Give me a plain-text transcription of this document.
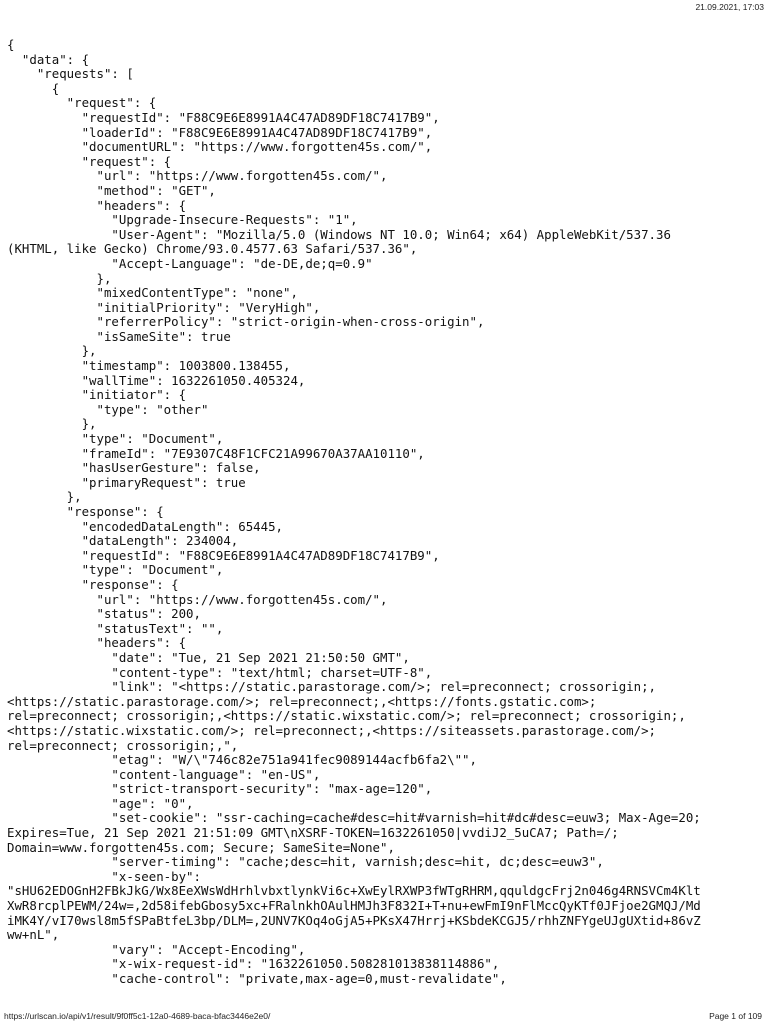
21.09.2021, 17:03
{
"data": {
"requests": [
{
"request": {
"requestId": "F88C9E6E8991A4C47AD89DF18C7417B9",
"loaderId": "F88C9E6E8991A4C47AD89DF18C7417B9",
"documentURL": "https://www.forgotten45s.com/",
"request": {
"url": "https://www.forgotten45s.com/",
"method": "GET",
"headers": {
"Upgrade-Insecure-Requests": "1",
"User-Agent": "Mozilla/5.0 (Windows NT 10.0; Win64; x64) AppleWebKit/537.36
(KHTML, like Gecko) Chrome/93.0.4577.63 Safari/537.36",
"Accept-Language": "de-DE,de;q=0.9"
},
"mixedContentType": "none",
"initialPriority": "VeryHigh",
"referrerPolicy": "strict-origin-when-cross-origin",
"isSameSite": true
},
"timestamp": 1003800.138455,
"wallTime": 1632261050.405324,
"initiator": {
"type": "other"
},
"type": "Document",
"frameId": "7E9307C48F1CFC21A99670A37AA10110",
"hasUserGesture": false,
"primaryRequest": true
},
"response": {
"encodedDataLength": 65445,
"dataLength": 234004,
"requestId": "F88C9E6E8991A4C47AD89DF18C7417B9",
"type": "Document",
"response": {
"url": "https://www.forgotten45s.com/",
"status": 200,
"statusText": "",
"headers": {
"date": "Tue, 21 Sep 2021 21:50:50 GMT",
"content-type": "text/html; charset=UTF-8",
"link": "<https://static.parastorage.com/>; rel=preconnect; crossorigin;,
<https://static.parastorage.com/>; rel=preconnect;,<https://fonts.gstatic.com>;
rel=preconnect; crossorigin;,<https://static.wixstatic.com/>; rel=preconnect; crossorigin;,
<https://static.wixstatic.com/>; rel=preconnect;,<https://siteassets.parastorage.com/>;
rel=preconnect; crossorigin;,",
"etag": "W/\"746c82e751a941fec9089144acfb6fa2\"",
"content-language": "en-US",
"strict-transport-security": "max-age=120",
"age": "0",
"set-cookie": "ssr-caching=cache#desc=hit#varnish=hit#dc#desc=euw3; Max-Age=20;
Expires=Tue, 21 Sep 2021 21:51:09 GMT\nXSRF-TOKEN=1632261050|vvdiJ2_5uCA7; Path=/;
Domain=www.forgotten45s.com; Secure; SameSite=None",
"server-timing": "cache;desc=hit, varnish;desc=hit, dc;desc=euw3",
"x-seen-by":
"sHU62EDOGnH2FBkJkG/Wx8EeXWsWdHrhlvbxtlynkVi6c+XwEylRXWP3fWTgRHRM,qquldgcFrj2n046g4RNSVCm4Klt
XwR8rcplPEWM/24w=,2d58ifebGbosy5xc+FRalnkhOAulHMJh3F832I+T+nu+ewFmI9nFlMccQyKTf0JFjoe2GMQJ/Md
iMK4Y/vI70wsl8m5fSPaBtfeL3bp/DLM=,2UNV7KOq4oGjA5+PKsX47Hrrj+KSbdeKCGJ5/rhhZNFYgeUJgUXtid+86vZ
ww+nL",
"vary": "Accept-Encoding",
"x-wix-request-id": "1632261050.508281013838114886",
"cache-control": "private,max-age=0,must-revalidate",
https://urlscan.io/api/v1/result/9f0ff5c1-12a0-4689-baca-bfac3446e2e0/	Page 1 of 109
